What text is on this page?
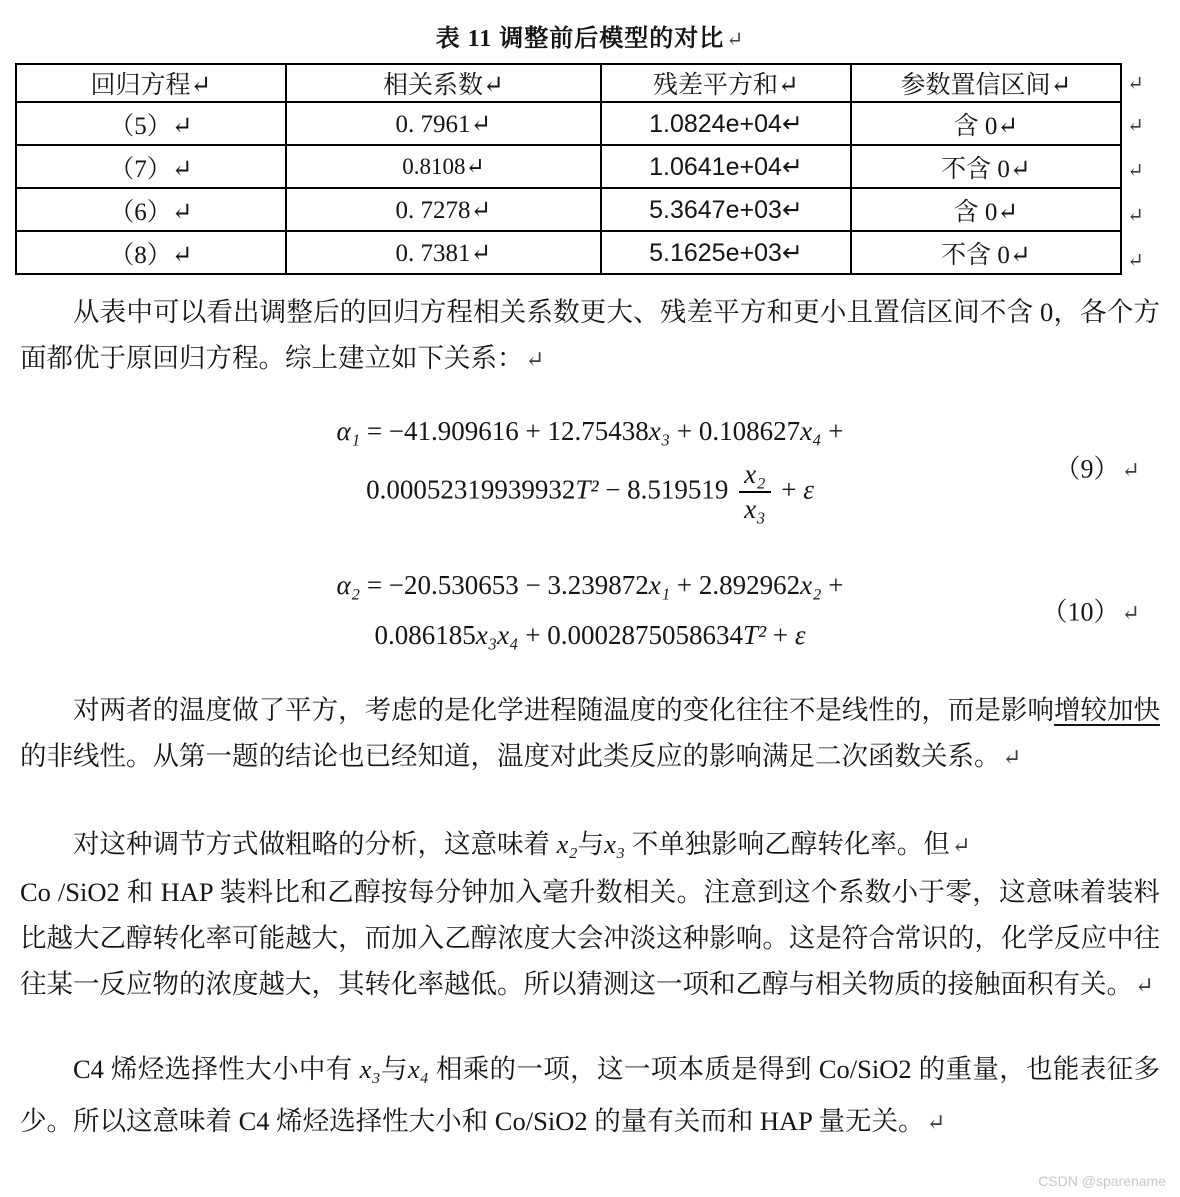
表 11 调整前后模型的对比↵
回归方程↵	相关系数↵	残差平方和↵	参数置信区间↵
（5）↵	0. 7961↵	1.0824e+04↵	含 0↵
（7）↵	0.8108↵	1.0641e+04↵	不含 0↵
（6）↵	0. 7278↵	5.3647e+03↵	含 0↵
（8）↵	0. 7381↵	5.1625e+03↵	不含 0↵
↵
↵
↵
↵
↵

从表中可以看出调整后的回归方程相关系数更大、残差平方和更小且置信区间不含 0，各个方面都优于原回归方程。综上建立如下关系：↵

α₁ = −41.909616 + 12.75438x₃ + 0.108627x₄ +
$0.00052319939932T^2 - 8.519519 \frac{\text{x₂}}{\text{x₃}} + \varepsilon$
（9）↵
α₂ = −20.530653 − 3.239872x₁ + 2.892962x₂ +
0.086185x₃x₄ + 0.0002875058634T² + ε
（10）↵

对两者的温度做了平方，考虑的是化学进程随温度的变化往往不是线性的，而是影响增较加快的非线性。从第一题的结论也已经知道，温度对此类反应的影响满足二次函数关系。↵

对这种调节方式做粗略的分析，这意味着 x₂与x₃ 不单独影响乙醇转化率。但↵
Co /SiO2 和 HAP 装料比和乙醇按每分钟加入毫升数相关。注意到这个系数小于零，这意味着装料比越大乙醇转化率可能越大，而加入乙醇浓度大会冲淡这种影响。这是符合常识的，化学反应中往往某一反应物的浓度越大，其转化率越低。所以猜测这一项和乙醇与相关物质的接触面积有关。↵

C4 烯烃选择性大小中有 x₃与x₄ 相乘的一项，这一项本质是得到 Co/SiO2 的重量，也能表征多少。所以这意味着 C4 烯烃选择性大小和 Co/SiO2 的量有关而和 HAP 量无关。↵

CSDN @sparename
